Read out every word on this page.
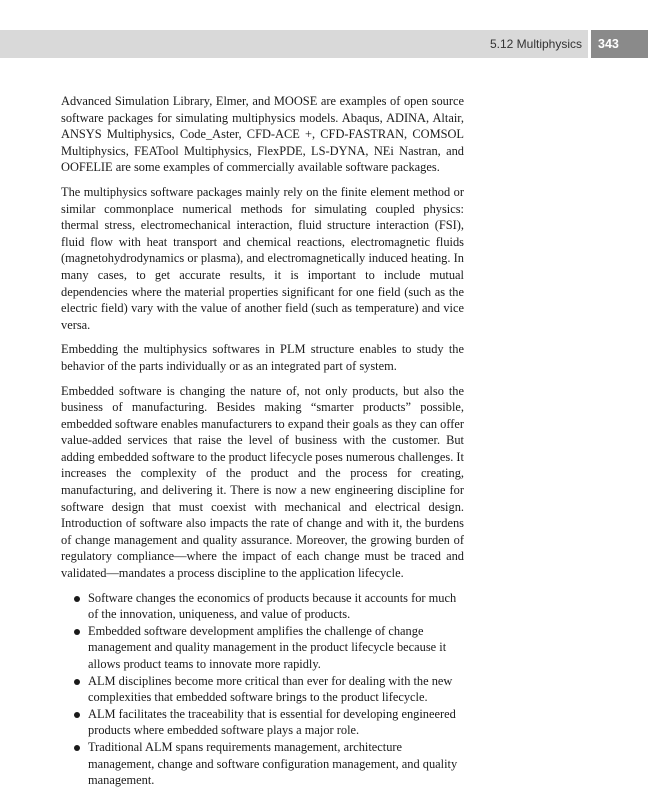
5.12 Multiphysics	343

Advanced Simulation Library, Elmer, and MOOSE are examples of open source software packages for simulating multiphysics models. Abaqus, ADINA, Altair, ANSYS Multiphysics, Code_Aster, CFD-ACE +, CFD-FASTRAN, COMSOL Multiphysics, FEATool Multiphysics, FlexPDE, LS-DYNA, NEi Nastran, and OOFELIE are some examples of commercially available software packages.

The multiphysics software packages mainly rely on the finite element method or similar commonplace numerical methods for simulating coupled physics: thermal stress, electromechanical interaction, fluid structure interaction (FSI), fluid flow with heat transport and chemical reactions, electromagnetic fluids (magnetohydrodynamics or plasma), and electromagnetically induced heating. In many cases, to get accurate results, it is important to include mutual dependencies where the material properties significant for one field (such as the electric field) vary with the value of another field (such as temperature) and vice versa.

Embedding the multiphysics softwares in PLM structure enables to study the behavior of the parts individually or as an integrated part of system.

Embedded software is changing the nature of, not only products, but also the business of manufacturing. Besides making “smarter products” possible, embedded software enables manufacturers to expand their goals as they can offer value-added services that raise the level of business with the customer. But adding embedded software to the product lifecycle poses numerous challenges. It increases the complexity of the product and the process for creating, manufacturing, and delivering it. There is now a new engineering discipline for software design that must coexist with mechanical and electrical design. Introduction of software also impacts the rate of change and with it, the burdens of change management and quality assurance. Moreover, the growing burden of regulatory compliance—where the impact of each change must be traced and validated—mandates a process discipline to the application lifecycle.

Software changes the economics of products because it accounts for much of the innovation, uniqueness, and value of products.
Embedded software development amplifies the challenge of change management and quality management in the product lifecycle because it allows product teams to innovate more rapidly.
ALM disciplines become more critical than ever for dealing with the new complexities that embedded software brings to the product lifecycle.
ALM facilitates the traceability that is essential for developing engineered products where embedded software plays a major role.
Traditional ALM spans requirements management, architecture management, change and software configuration management, and quality management.
